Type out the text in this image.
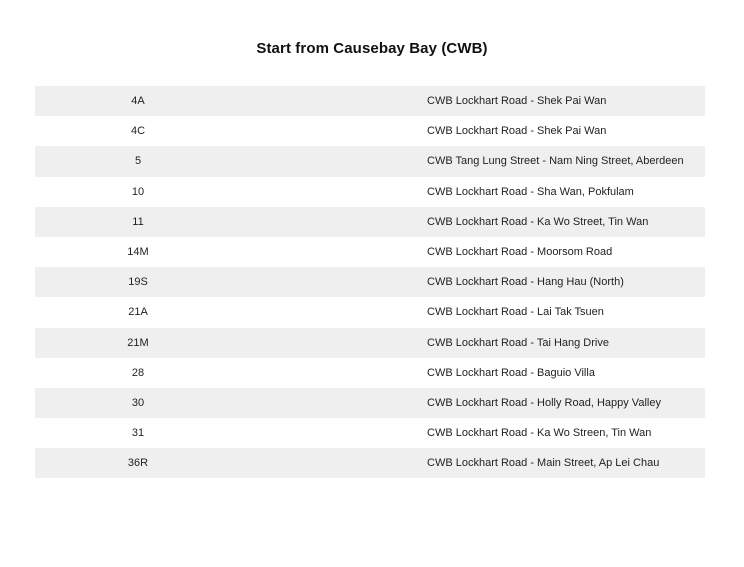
Start from Causebay Bay (CWB)
4A	CWB Lockhart Road - Shek Pai Wan
4C	CWB Lockhart Road - Shek Pai Wan
5	CWB Tang Lung Street - Nam Ning Street, Aberdeen
10	CWB Lockhart Road - Sha Wan, Pokfulam
11	CWB Lockhart Road - Ka Wo Street, Tin Wan
14M	CWB Lockhart Road - Moorsom Road
19S	CWB Lockhart Road - Hang Hau (North)
21A	CWB Lockhart Road - Lai Tak Tsuen
21M	CWB Lockhart Road - Tai Hang Drive
28	CWB Lockhart Road - Baguio Villa
30	CWB Lockhart Road - Holly Road, Happy Valley
31	CWB Lockhart Road - Ka Wo Streen, Tin Wan
36R	CWB Lockhart Road - Main Street, Ap Lei Chau
